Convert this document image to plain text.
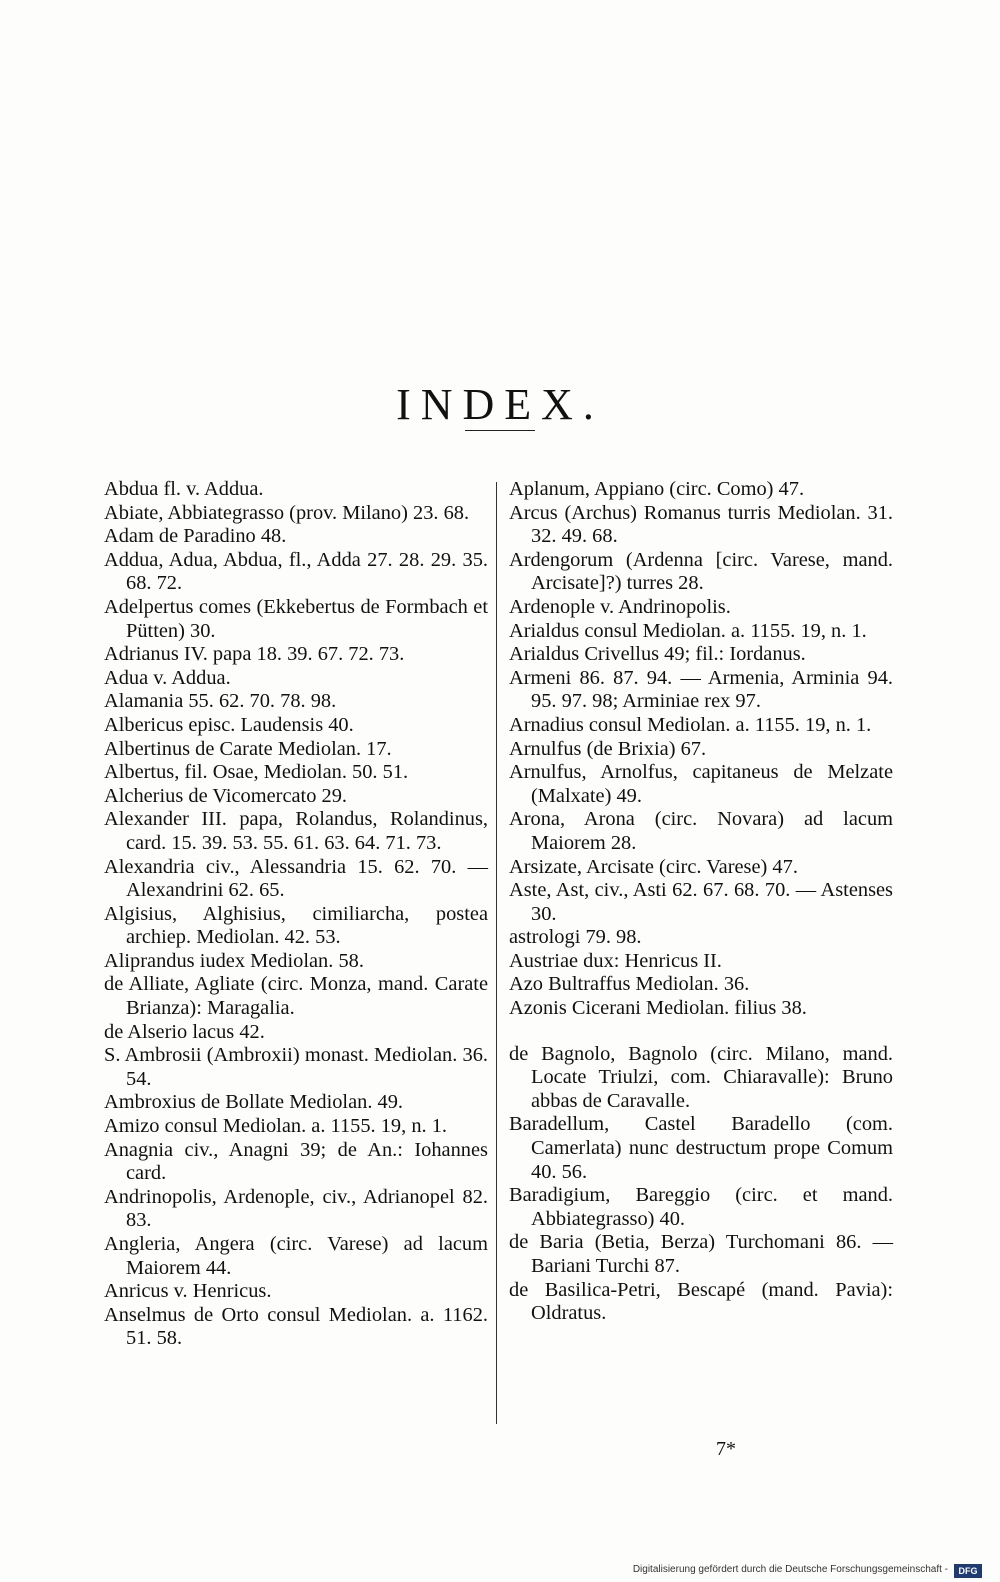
INDEX.

Abdua fl. v. Addua.

Abiate, Abbiategrasso (prov. Milano) 23. 68.

Adam de Paradino 48.

Addua, Adua, Abdua, fl., Adda 27. 28. 29. 35. 68. 72.

Adelpertus comes (Ekkebertus de Formbach et Pütten) 30.

Adrianus IV. papa 18. 39. 67. 72. 73.

Adua v. Addua.

Alamania 55. 62. 70. 78. 98.

Albericus episc. Laudensis 40.

Albertinus de Carate Mediolan. 17.

Albertus, fil. Osae, Mediolan. 50. 51.

Alcherius de Vicomercato 29.

Alexander III. papa, Rolandus, Rolandinus, card. 15. 39. 53. 55. 61. 63. 64. 71. 73.

Alexandria civ., Alessandria 15. 62. 70. — Alexandrini 62. 65.

Algisius, Alghisius, cimiliarcha, postea archiep. Mediolan. 42. 53.

Aliprandus iudex Mediolan. 58.

de Alliate, Agliate (circ. Monza, mand. Carate Brianza): Maragalia.

de Alserio lacus 42.

S. Ambrosii (Ambroxii) monast. Mediolan. 36. 54.

Ambroxius de Bollate Mediolan. 49.

Amizo consul Mediolan. a. 1155. 19, n. 1.

Anagnia civ., Anagni 39; de An.: Iohannes card.

Andrinopolis, Ardenople, civ., Adrianopel 82. 83.

Angleria, Angera (circ. Varese) ad lacum Maiorem 44.

Anricus v. Henricus.

Anselmus de Orto consul Mediolan. a. 1162. 51. 58.

Aplanum, Appiano (circ. Como) 47.

Arcus (Archus) Romanus turris Mediolan. 31. 32. 49. 68.

Ardengorum (Ardenna [circ. Varese, mand. Arcisate]?) turres 28.

Ardenople v. Andrinopolis.

Arialdus consul Mediolan. a. 1155. 19, n. 1.

Arialdus Crivellus 49; fil.: Iordanus.

Armeni 86. 87. 94. — Armenia, Arminia 94. 95. 97. 98; Arminiae rex 97.

Arnadius consul Mediolan. a. 1155. 19, n. 1.

Arnulfus (de Brixia) 67.

Arnulfus, Arnolfus, capitaneus de Melzate (Malxate) 49.

Arona, Arona (circ. Novara) ad lacum Maiorem 28.

Arsizate, Arcisate (circ. Varese) 47.

Aste, Ast, civ., Asti 62. 67. 68. 70. — Astenses 30.

astrologi 79. 98.

Austriae dux: Henricus II.

Azo Bultraffus Mediolan. 36.

Azonis Cicerani Mediolan. filius 38.

de Bagnolo, Bagnolo (circ. Milano, mand. Locate Triulzi, com. Chiaravalle): Bruno abbas de Caravalle.

Baradellum, Castel Baradello (com. Camerlata) nunc destructum prope Comum 40. 56.

Baradigium, Bareggio (circ. et mand. Abbiategrasso) 40.

de Baria (Betia, Berza) Turchomani 86. — Bariani Turchi 87.

de Basilica-Petri, Bescapé (mand. Pavia): Oldratus.

7*
Digitalisierung gefördert durch die Deutsche Forschungsgemeinschaft -	DFG
